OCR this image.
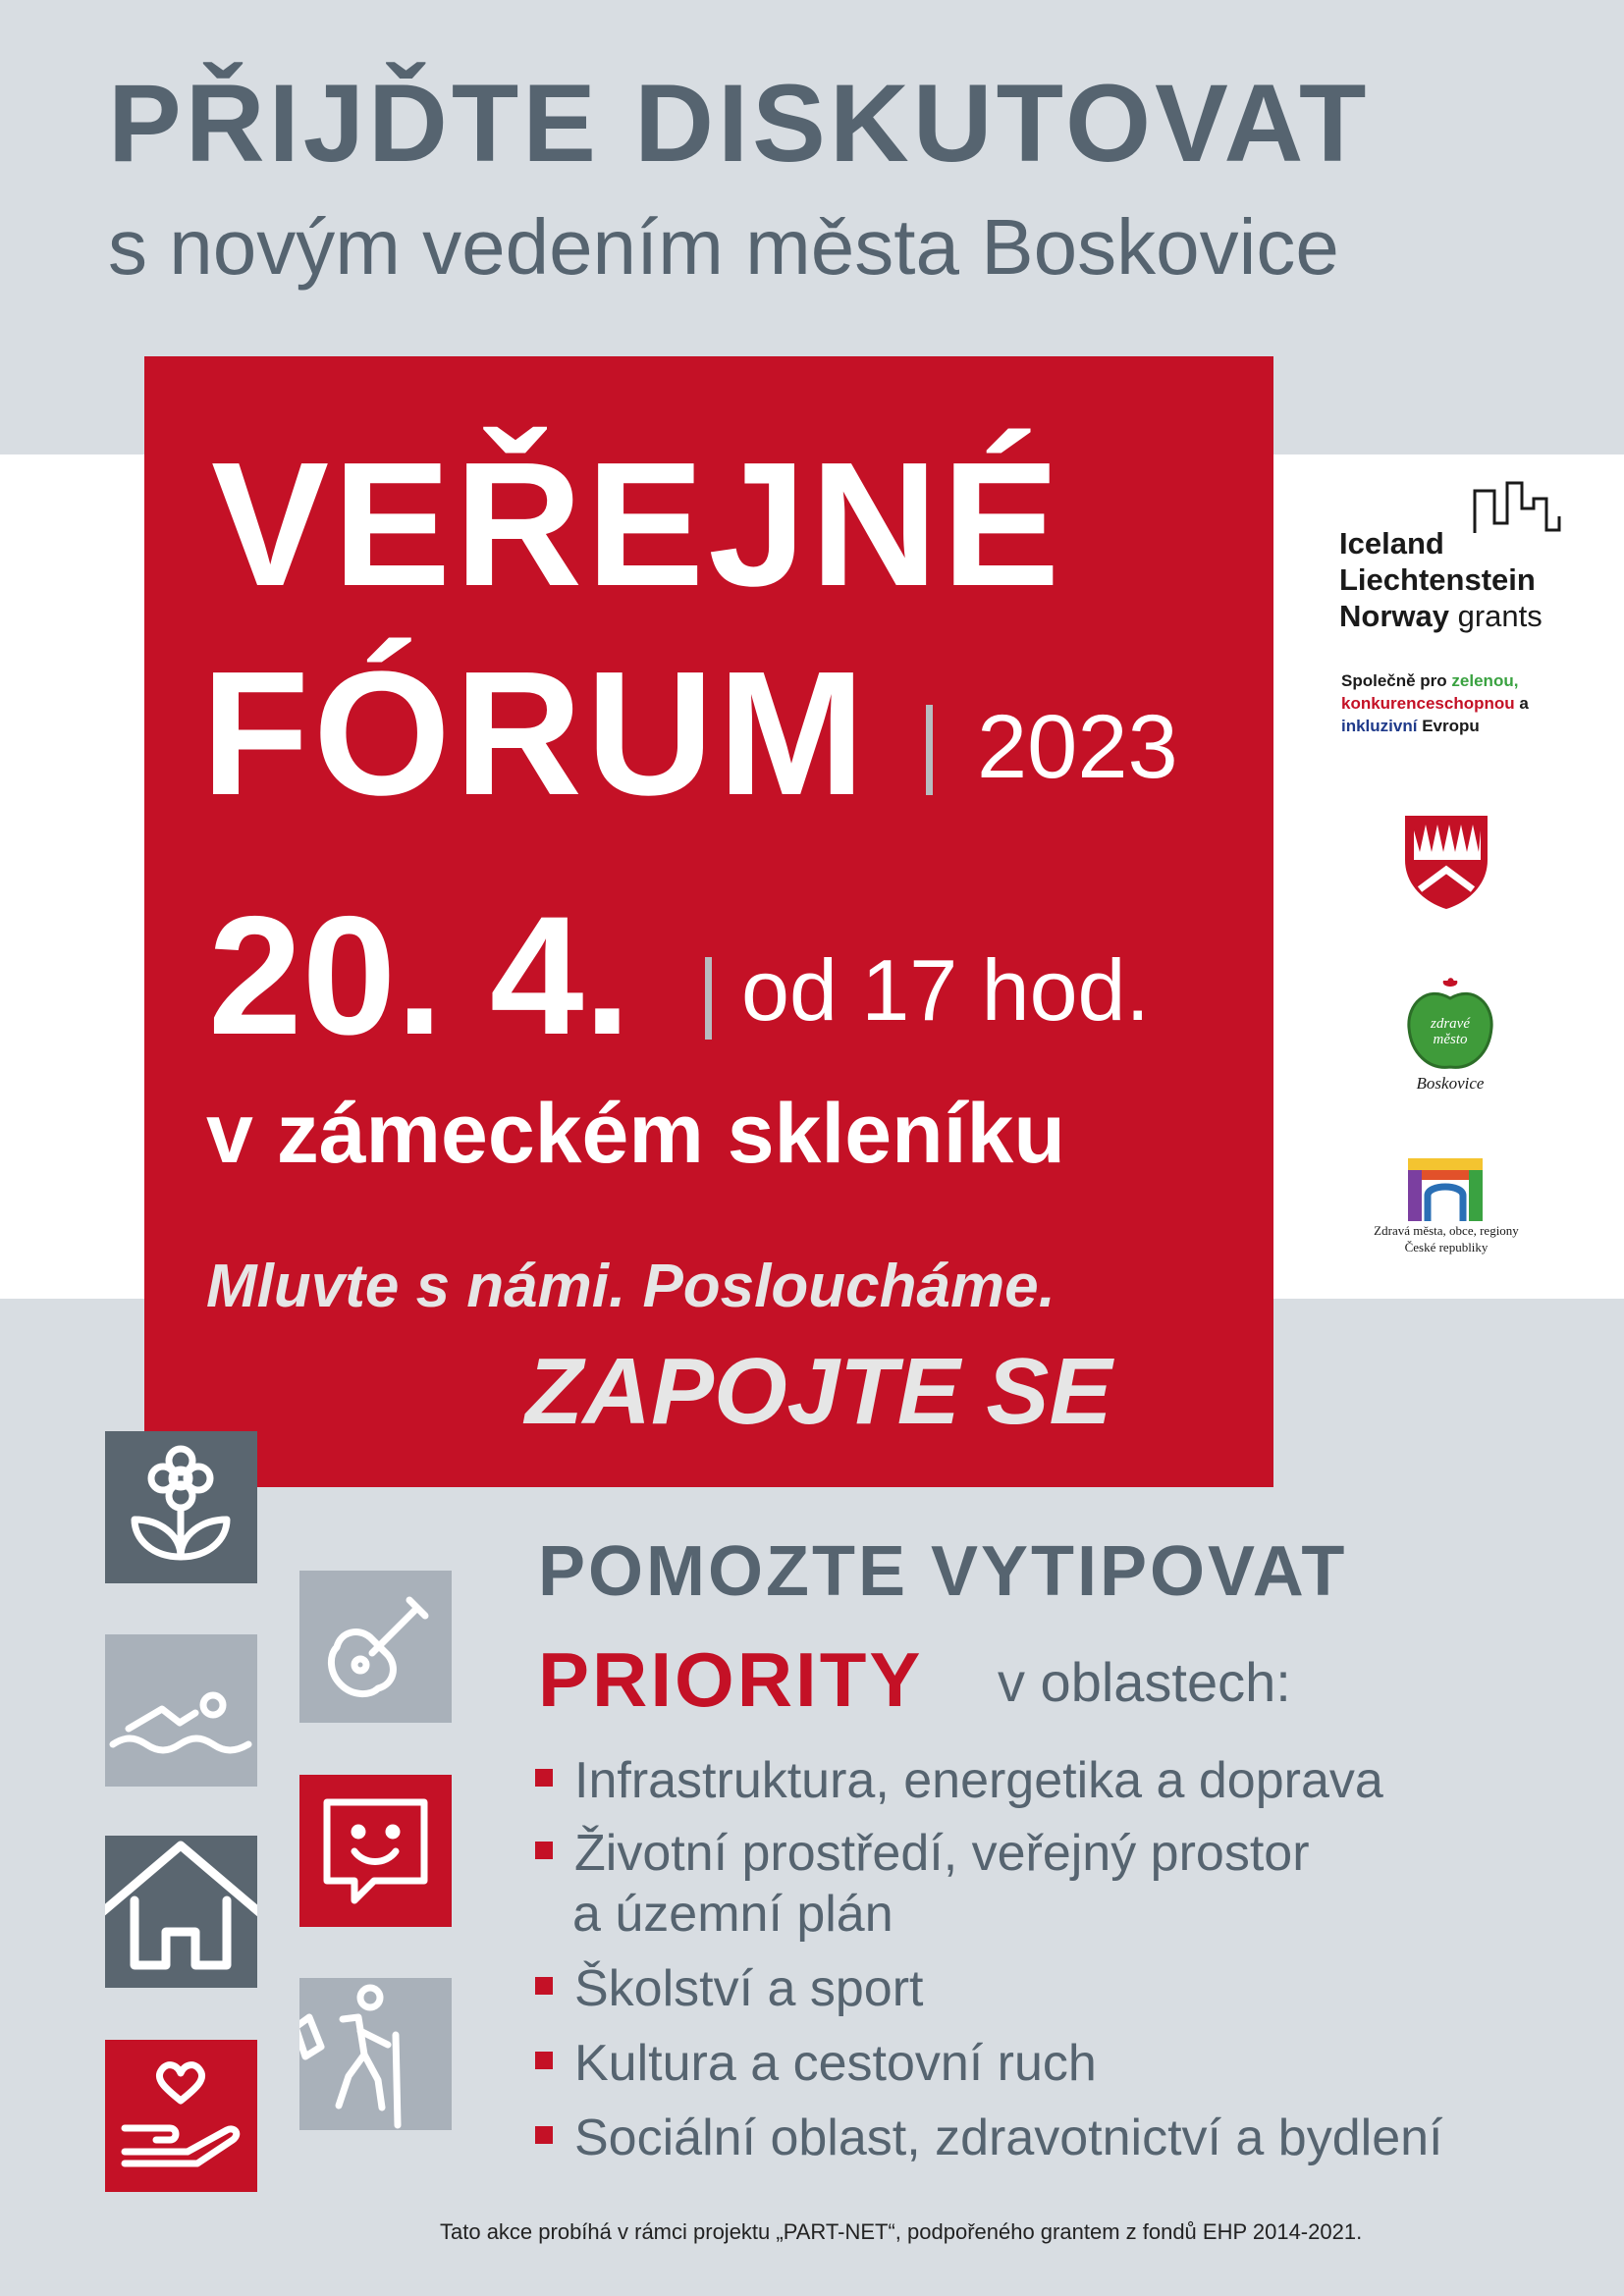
PŘIJĎTE DISKUTOVAT
s novým vedením města Boskovice
VEŘEJNÉ
FÓRUM 2023
20. 4. od 17 hod.
v zámeckém skleníku
Mluvte s námi. Posloucháme.
ZAPOJTE SE
Iceland
Liechtenstein
Norway grants
Společně pro zelenou,
konkurenceschopnou a
inkluzivní Evropu
zdravé
město
Boskovice
Zdravá města, obce, regiony
České republiky
POMOZTE VYTIPOVAT
PRIORITY v oblastech:
Infrastruktura, energetika a doprava
Životní prostředí, veřejný prostor
a územní plán
Školství a sport
Kultura a cestovní ruch
Sociální oblast, zdravotnictví a bydlení
Tato akce probíhá v rámci projektu „PART-NET“, podpořeného grantem z fondů EHP 2014-2021.
